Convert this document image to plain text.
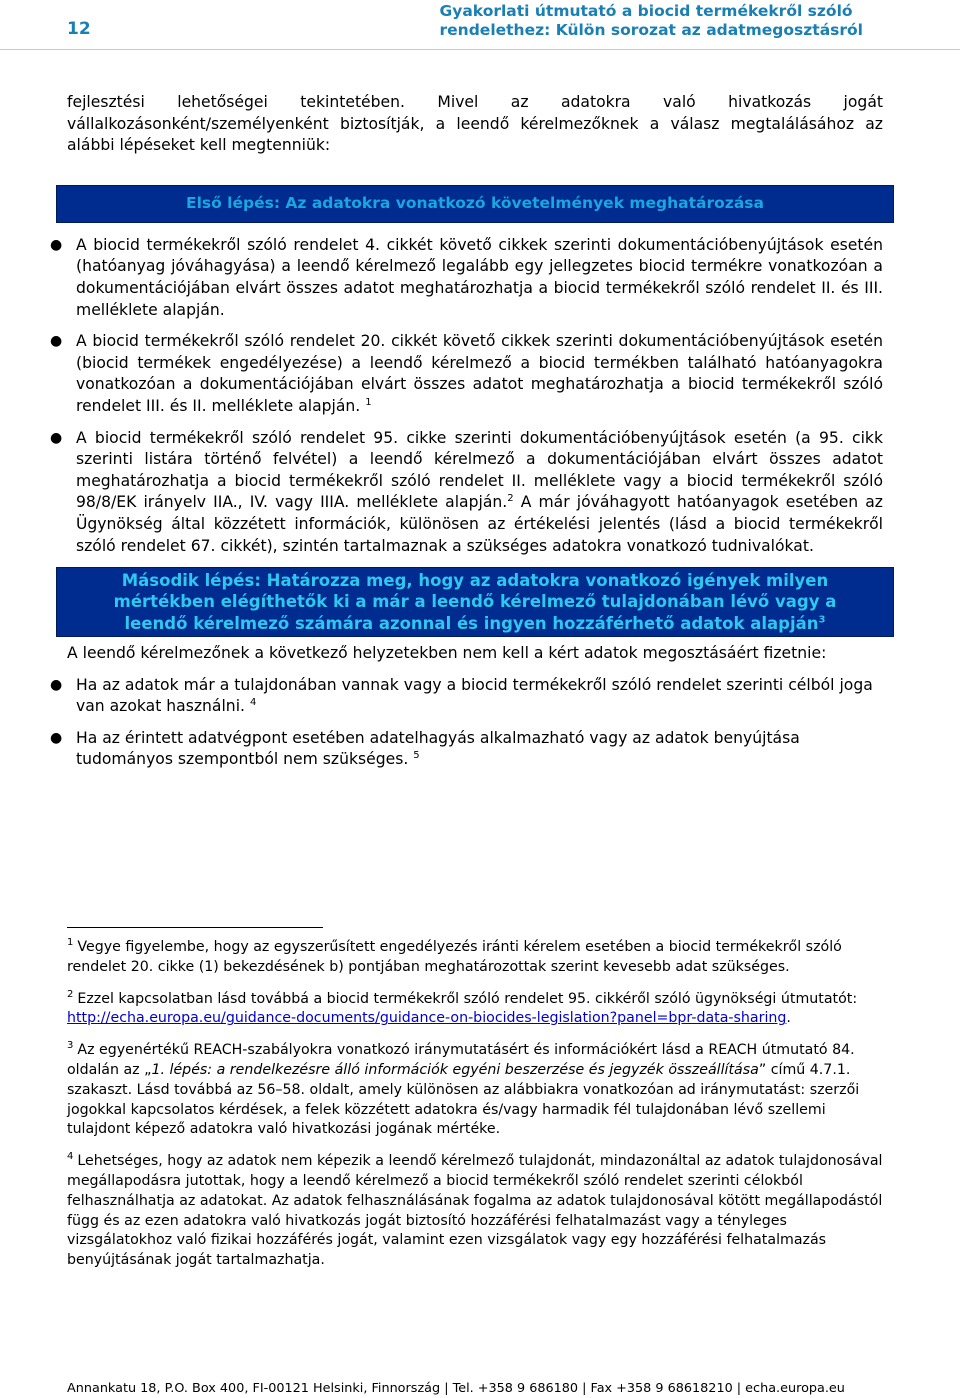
12
Gyakorlati útmutató a biocid termékekről szóló
rendelethez: Külön sorozat az adatmegosztásról

fejlesztési lehetőségei tekintetében. Mivel az adatokra való hivatkozás jogát vállalkozásonként/személyenként biztosítják, a leendő kérelmezőknek a válasz megtalálásához az alábbi lépéseket kell megtenniük:

Első lépés: Az adatokra vonatkozó követelmények meghatározása
● A biocid termékekről szóló rendelet 4. cikkét követő cikkek szerinti dokumentációbenyújtások esetén (hatóanyag jóváhagyása) a leendő kérelmező legalább egy jellegzetes biocid termékre vonatkozóan a dokumentációjában elvárt összes adatot meghatározhatja a biocid termékekről szóló rendelet II. és III. melléklete alapján.
● A biocid termékekről szóló rendelet 20. cikkét követő cikkek szerinti dokumentációbenyújtások esetén (biocid termékek engedélyezése) a leendő kérelmező a biocid termékben található hatóanyagokra vonatkozóan a dokumentációjában elvárt összes adatot meghatározhatja a biocid termékekről szóló rendelet III. és II. melléklete alapján. $^1$
● A biocid termékekről szóló rendelet 95. cikke szerinti dokumentációbenyújtások esetén (a 95. cikk szerinti listára történő felvétel) a leendő kérelmező a dokumentációjában elvárt összes adatot meghatározhatja a biocid termékekről szóló rendelet II. melléklete vagy a biocid termékekről szóló 98/8/EK irányelv IIA., IV. vagy IIIA. melléklete alapján.$^2$ A már jóváhagyott hatóanyagok esetében az Ügynökség által közzétett információk, különösen az értékelési jelentés (lásd a biocid termékekről szóló rendelet 67. cikkét), szintén tartalmaznak a szükséges adatokra vonatkozó tudnivalókat.
Második lépés: Határozza meg, hogy az adatokra vonatkozó igények milyen
mértékben elégíthetők ki a már a leendő kérelmező tulajdonában lévő vagy a
leendő kérelmező számára azonnal és ingyen hozzáférhető adatok alapján$^3$

A leendő kérelmezőnek a következő helyzetekben nem kell a kért adatok megosztásáért fizetnie:

● Ha az adatok már a tulajdonában vannak vagy a biocid termékekről szóló rendelet szerinti célból joga van azokat használni. $^4$
● Ha az érintett adatvégpont esetében adatelhagyás alkalmazható vagy az adatok benyújtása tudományos szempontból nem szükséges. $^5$

$^1$ Vegye figyelembe, hogy az egyszerűsített engedélyezés iránti kérelem esetében a biocid termékekről szóló rendelet 20. cikke (1) bekezdésének b) pontjában meghatározottak szerint kevesebb adat szükséges.

$^2$ Ezzel kapcsolatban lásd továbbá a biocid termékekről szóló rendelet 95. cikkéről szóló ügynökségi útmutatót: http://echa.europa.eu/guidance-documents/guidance-on-biocides-legislation?panel=bpr-data-sharing.

$^3$ Az egyenértékű REACH-szabályokra vonatkozó iránymutatásért és információkért lásd a REACH útmutató 84. oldalán az „1. lépés: a rendelkezésre álló információk egyéni beszerzése és jegyzék összeállítása” című 4.7.1. szakaszt. Lásd továbbá az 56–58. oldalt, amely különösen az alábbiakra vonatkozóan ad iránymutatást: szerzői jogokkal kapcsolatos kérdések, a felek közzétett adatokra és/vagy harmadik fél tulajdonában lévő szellemi tulajdont képező adatokra való hivatkozási jogának mértéke.

$^4$ Lehetséges, hogy az adatok nem képezik a leendő kérelmező tulajdonát, mindazonáltal az adatok tulajdonosával megállapodásra jutottak, hogy a leendő kérelmező a biocid termékekről szóló rendelet szerinti célokból felhasználhatja az adatokat. Az adatok felhasználásának fogalma az adatok tulajdonosával kötött megállapodástól függ és az ezen adatokra való hivatkozás jogát biztosító hozzáférési felhatalmazást vagy a tényleges vizsgálatokhoz való fizikai hozzáférés jogát, valamint ezen vizsgálatok vagy egy hozzáférési felhatalmazás benyújtásának jogát tartalmazhatja.

Annankatu 18, P.O. Box 400, FI-00121 Helsinki, Finnország | Tel. +358 9 686180 | Fax +358 9 68618210 | echa.europa.eu
